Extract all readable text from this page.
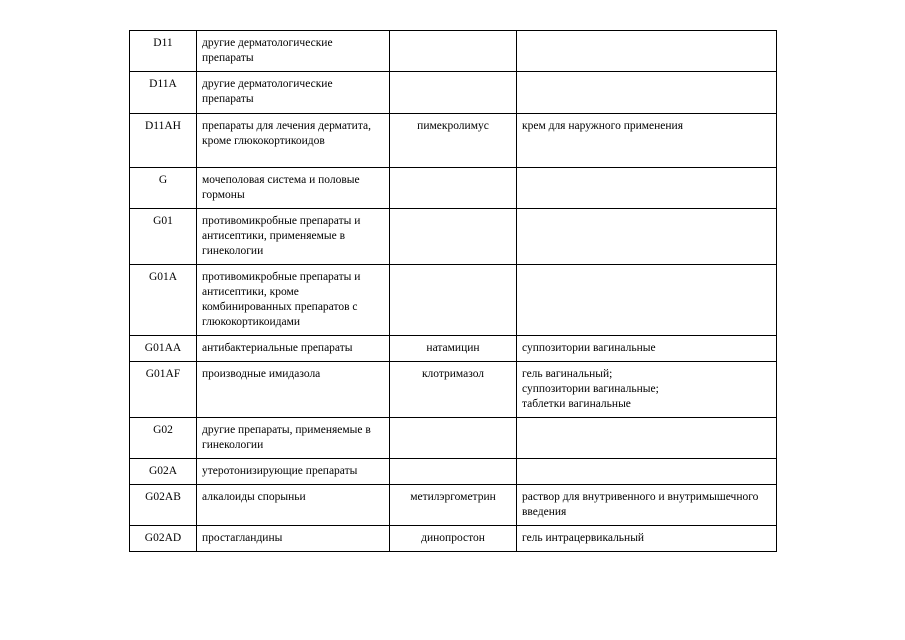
D11	другие дерматологические препараты		
D11A	другие дерматологические препараты		
D11AH	препараты для лечения дерматита, кроме глюкокортикоидов	пимекролимус	крем для наружного применения
G	мочеполовая система и половые гормоны		
G01	противомикробные препараты и антисептики, применяемые в гинекологии		
G01A	противомикробные препараты и антисептики, кроме комбинированных препаратов с глюкокортикоидами		
G01AA	антибактериальные препараты	натамицин	суппозитории вагинальные
G01AF	производные имидазола	клотримазол	гель вагинальный;
суппозитории вагинальные;
таблетки вагинальные
G02	другие препараты, применяемые в гинекологии		
G02A	утеротонизирующие препараты		
G02AB	алкалоиды спорыньи	метилэргометрин	раствор для внутривенного и внутримышечного введения
G02AD	простагландины	динопростон	гель интрацервикальный
